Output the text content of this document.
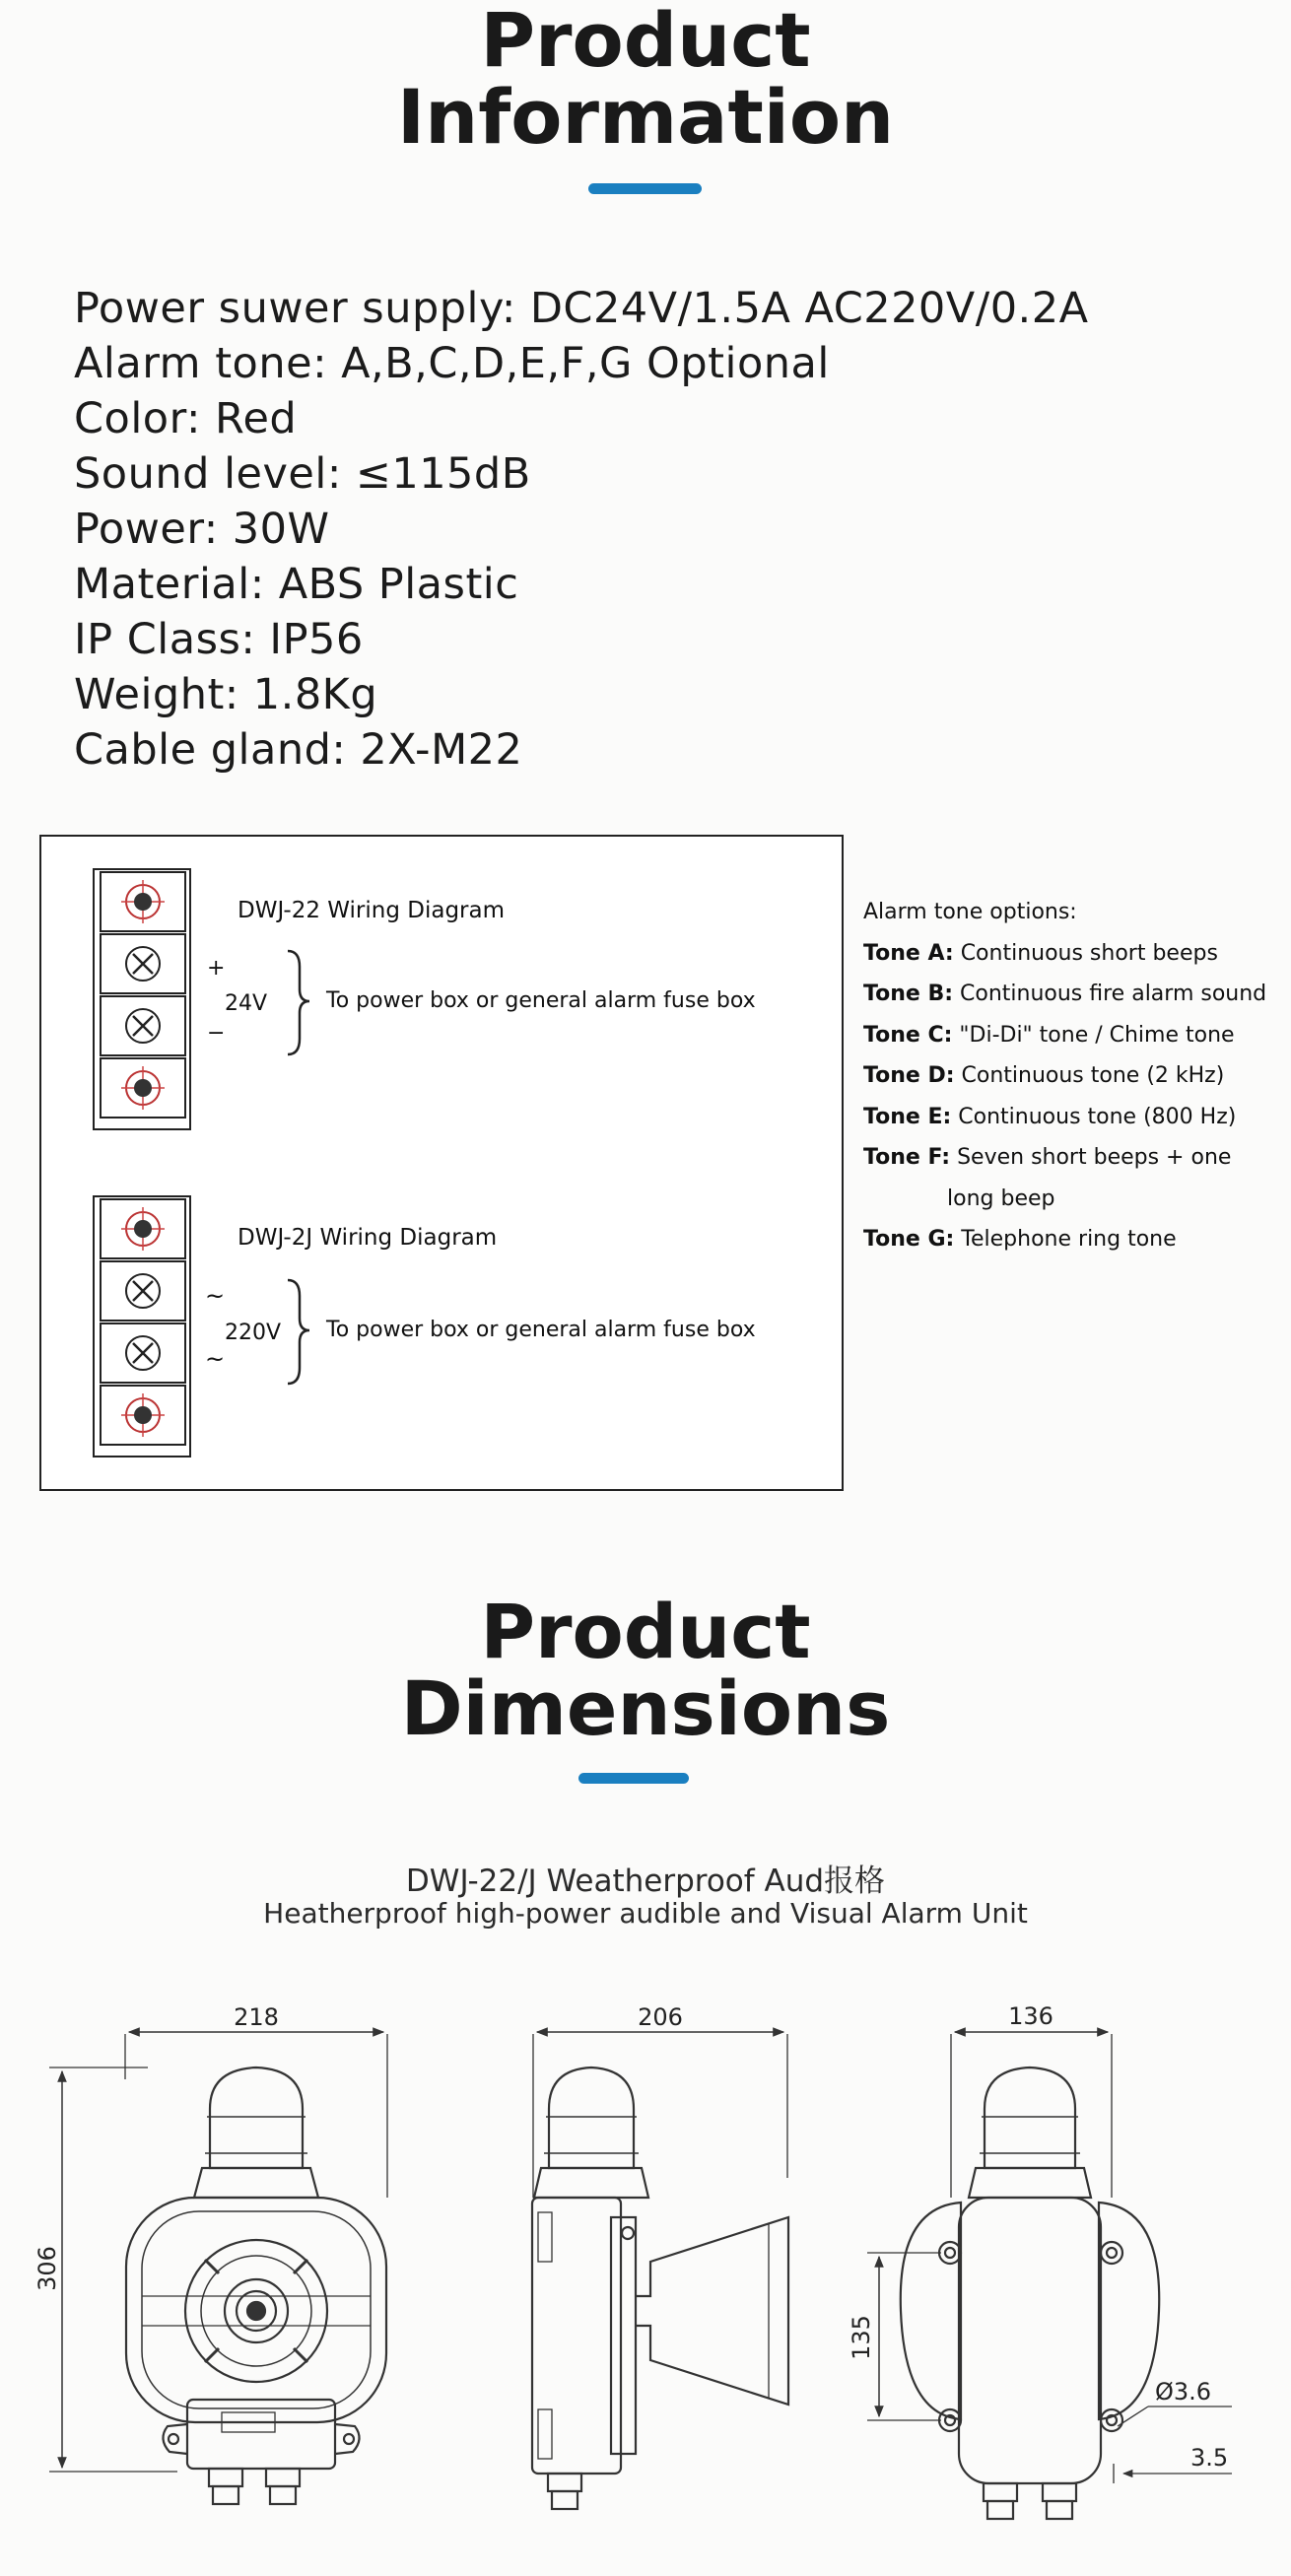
Product
Information
Power suwer supply: DC24V/1.5A AC220V/0.2A
Alarm tone: A,B,C,D,E,F,G Optional
Color: Red
Sound level: ≤115dB
Power: 30W
Material: ABS Plastic
IP Class: IP56
Weight: 1.8Kg
Cable gland: 2X-M22
DWJ-22 Wiring Diagram
+
24V
−
To power box or general alarm fuse box
DWJ-2J Wiring Diagram
~
220V
~
To power box or general alarm fuse box
Alarm tone options:
Tone A: Continuous short beeps
Tone B: Continuous fire alarm sound
Tone C: "Di-Di" tone / Chime tone
Tone D: Continuous tone (2 kHz)
Tone E: Continuous tone (800 Hz)
Tone F: Seven short beeps + one
long beep
Tone G: Telephone ring tone
Product
Dimensions
DWJ-22/J Weatherproof Aud报格
Heatherproof high-power audible and Visual Alarm Unit
218	206	136
306
135
Ø3.6
3.5
